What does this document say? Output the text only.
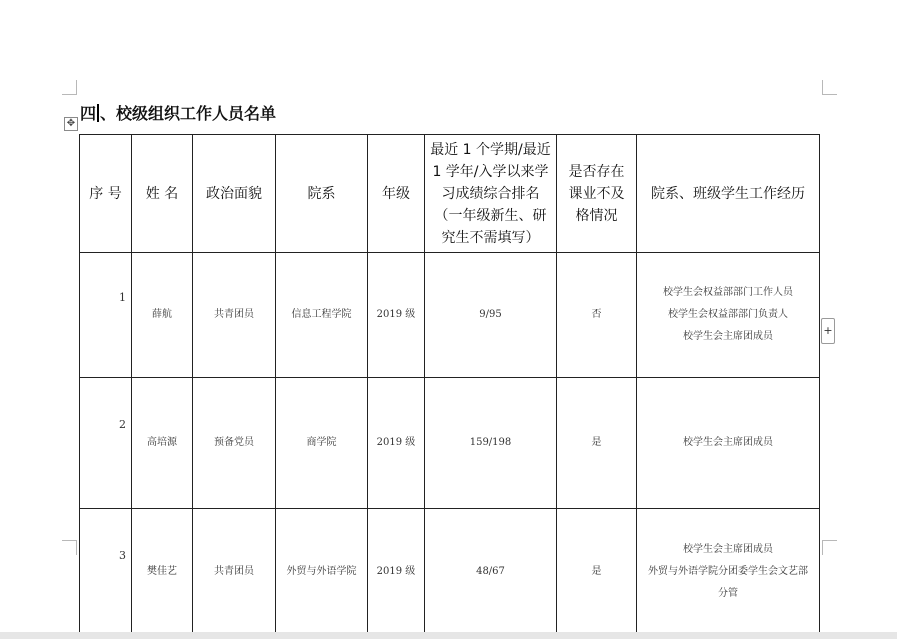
四 、校级组织工作人员名单
✥
+
序 号	姓 名	政治面貌	院系	年级	最近 1 个学期/最近 1 学年/入学以来学习成绩综合排名（一年级新生、研究生不需填写）	是否存在课业不及格情况	院系、班级学生工作经历
1	薛航	共青团员	信息工程学院	2019 级	9/95	否	校学生会权益部部门工作人员
校学生会权益部部门负责人
校学生会主席团成员

2	高培源	预备党员	商学院	2019 级	159/198	是	校学生会主席团成员

3	樊佳艺	共青团员	外贸与外语学院	2019 级	48/67	是	校学生会主席团成员
外贸与外语学院分团委学生会文艺部
分管
